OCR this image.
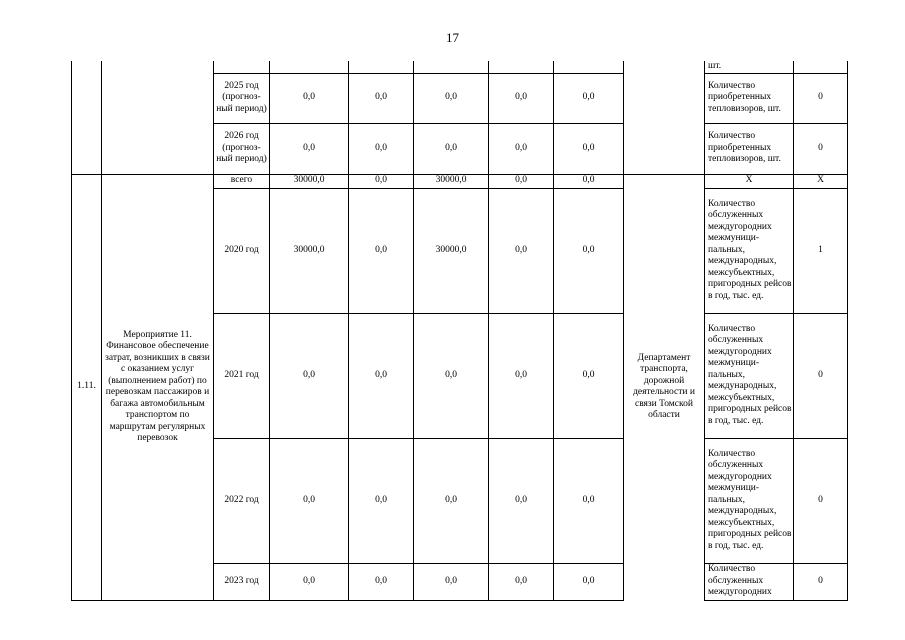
17
									шт.	
		2025 год (прогноз-ный период)	0,0	0,0	0,0	0,0	0,0		Количество приобретенных тепловизоров, шт.	0
		2026 год (прогноз-ный период)	0,0	0,0	0,0	0,0	0,0		Количество приобретенных тепловизоров, шт.	0

1.11.	Мероприятие 11. Финансовое обеспечение затрат, возникших в связи с оказанием услуг (выполнением работ) по перевозкам пассажиров и багажа автомобильным транспортом по маршрутам регулярных перевозок	всего	30000,0	0,0	30000,0	0,0	0,0	Департамент транспорта, дорожной деятельности и связи Томской области	X	X
		2020 год	30000,0	0,0	30000,0	0,0	0,0		Количество обслуженных междугородних межмуници-пальных, международных, межсубъектных, пригородных рейсов в год, тыс. ед.	1
		2021 год	0,0	0,0	0,0	0,0	0,0		Количество обслуженных междугородних межмуници-пальных, международных, межсубъектных, пригородных рейсов в год, тыс. ед.	0
		2022 год	0,0	0,0	0,0	0,0	0,0		Количество обслуженных междугородних межмуници-пальных, международных, межсубъектных, пригородных рейсов в год, тыс. ед.	0
		2023 год	0,0	0,0	0,0	0,0	0,0		Количество обслуженных междугородних	0
